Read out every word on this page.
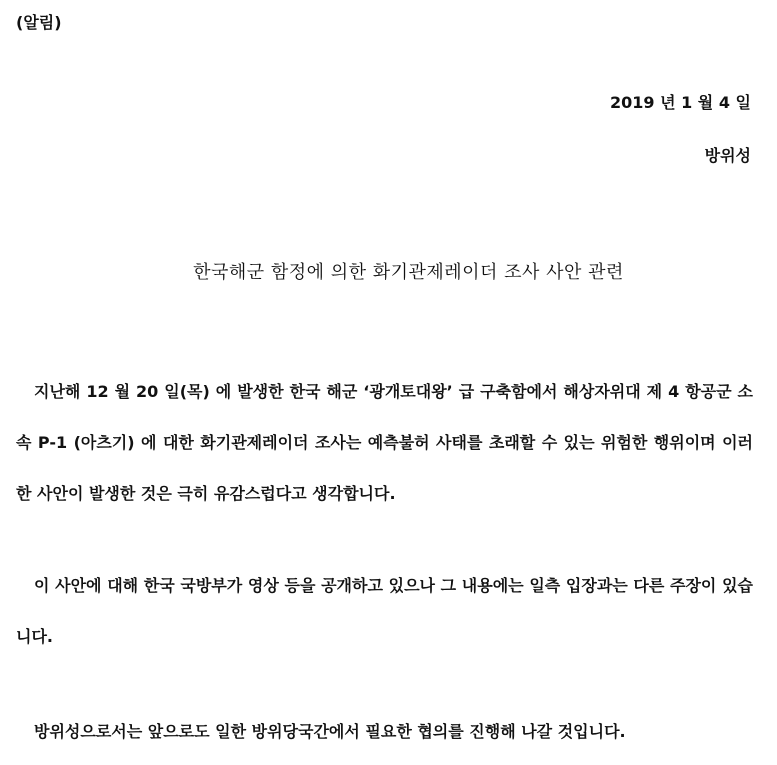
(알림)
2019 년 1 월 4 일
방위성
한국해군 함정에 의한 화기관제레이더 조사 사안 관련

지난해 12 월 20 일(목) 에 발생한 한국 해군 ‘광개토대왕’ 급 구축함에서 해상자위대 제 4 항공군 소속 P-1 (아츠기) 에 대한 화기관제레이더 조사는 예측불허 사태를 초래할 수 있는 위험한 행위이며 이러한 사안이 발생한 것은 극히 유감스럽다고 생각합니다.

이 사안에 대해 한국 국방부가 영상 등을 공개하고 있으나 그 내용에는 일측 입장과는 다른 주장이 있습니다.

방위성으로서는 앞으로도 일한 방위당국간에서 필요한 협의를 진행해 나갈 것입니다.
